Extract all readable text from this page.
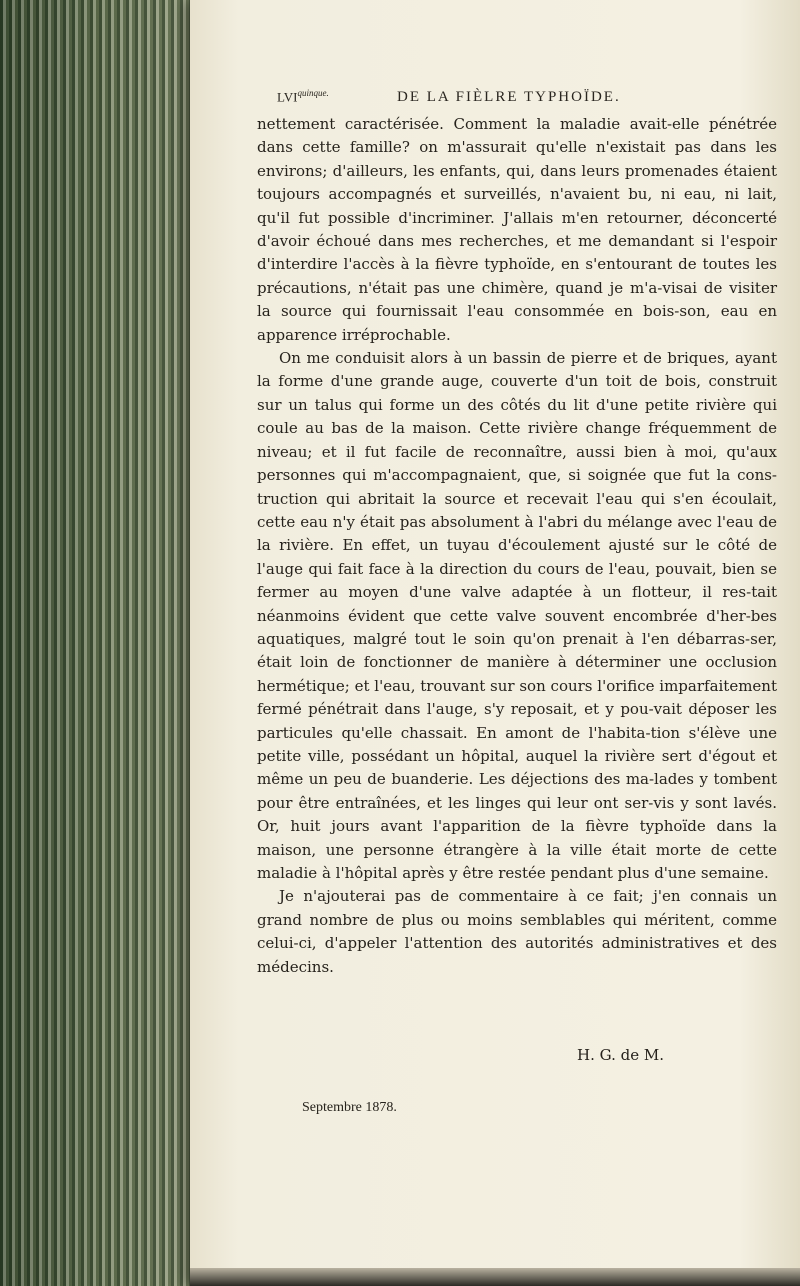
$LVI^{quinque.}$	DE LA FIÈLRE TYPHOÏDE.

nettement caractérisée. Comment la maladie avait-elle pénétrée dans cette famille? on m'assurait qu'elle n'existait pas dans les environs; d'ailleurs, les enfants, qui, dans leurs promenades étaient toujours accompagnés et surveillés, n'avaient bu, ni eau, ni lait, qu'il fut possible d'incriminer. J'allais m'en retourner, déconcerté d'avoir échoué dans mes recherches, et me demandant si l'espoir d'interdire l'accès à la fièvre typhoïde, en s'entourant de toutes les précautions, n'était pas une chimère, quand je m'a-visai de visiter la source qui fournissait l'eau consommée en bois-son, eau en apparence irréprochable.

On me conduisit alors à un bassin de pierre et de briques, ayant la forme d'une grande auge, couverte d'un toit de bois, construit sur un talus qui forme un des côtés du lit d'une petite rivière qui coule au bas de la maison. Cette rivière change fréquemment de niveau; et il fut facile de reconnaître, aussi bien à moi, qu'aux personnes qui m'accompagnaient, que, si soignée que fut la cons-truction qui abritait la source et recevait l'eau qui s'en écoulait, cette eau n'y était pas absolument à l'abri du mélange avec l'eau de la rivière. En effet, un tuyau d'écoulement ajusté sur le côté de l'auge qui fait face à la direction du cours de l'eau, pouvait, bien se fermer au moyen d'une valve adaptée à un flotteur, il res-tait néanmoins évident que cette valve souvent encombrée d'her-bes aquatiques, malgré tout le soin qu'on prenait à l'en débarras-ser, était loin de fonctionner de manière à déterminer une occlusion hermétique; et l'eau, trouvant sur son cours l'orifice imparfaitement fermé pénétrait dans l'auge, s'y reposait, et y pou-vait déposer les particules qu'elle chassait. En amont de l'habita-tion s'élève une petite ville, possédant un hôpital, auquel la rivière sert d'égout et même un peu de buanderie. Les déjections des ma-lades y tombent pour être entraînées, et les linges qui leur ont ser-vis y sont lavés. Or, huit jours avant l'apparition de la fièvre typhoïde dans la maison, une personne étrangère à la ville était morte de cette maladie à l'hôpital après y être restée pendant plus d'une semaine.

Je n'ajouterai pas de commentaire à ce fait; j'en connais un grand nombre de plus ou moins semblables qui méritent, comme celui-ci, d'appeler l'attention des autorités administratives et des médecins.

H. G. de M.
Septembre 1878.
